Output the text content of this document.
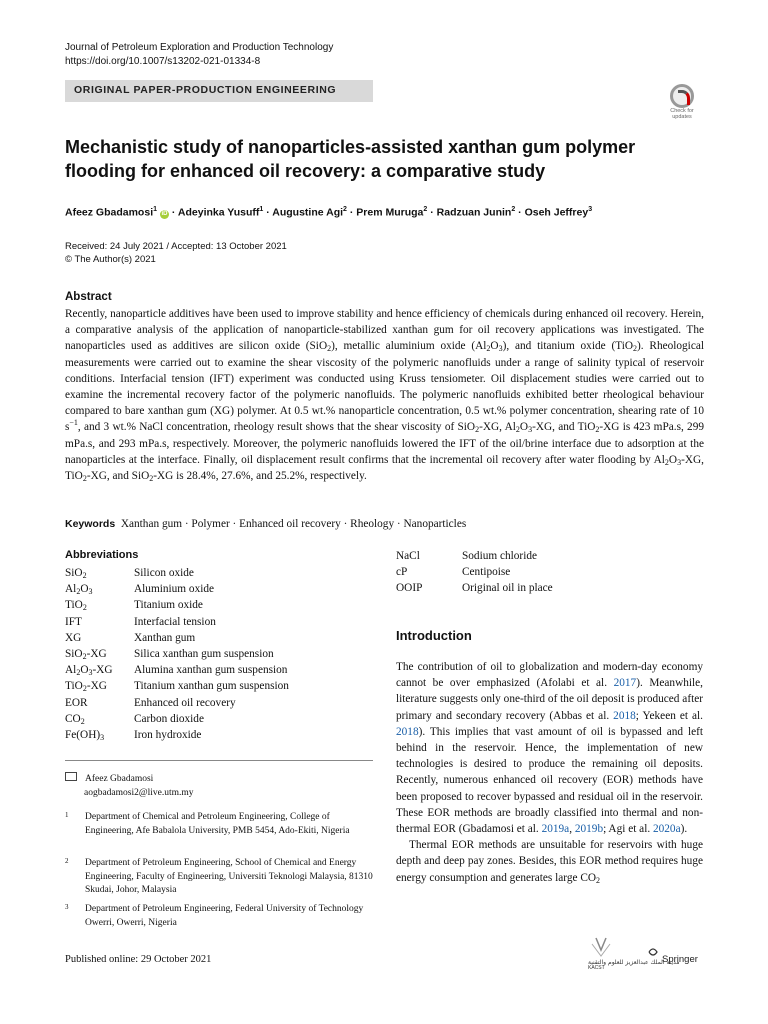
Journal of Petroleum Exploration and Production Technology
https://doi.org/10.1007/s13202-021-01334-8
ORIGINAL PAPER-PRODUCTION ENGINEERING
Check for
updates
Mechanistic study of nanoparticles-assisted xanthan gum polymer flooding for enhanced oil recovery: a comparative study
Afeez Gbadamosi$^1$ iD · Adeyinka Yusuff$^1$ · Augustine Agi$^2$ · Prem Muruga$^2$ · Radzuan Junin$^2$ · Oseh Jeffrey$^3$
Received: 24 July 2021 / Accepted: 13 October 2021
© The Author(s) 2021
Abstract
Recently, nanoparticle additives have been used to improve stability and hence efficiency of chemicals during enhanced oil recovery. Herein, a comparative analysis of the application of nanoparticle-stabilized xanthan gum for oil recovery applications was investigated. The nanoparticles used as additives are silicon oxide (SiO$_2$), metallic aluminium oxide $(Al_2O_3)$, and titanium oxide (TiO$_2$). Rheological measurements were carried out to examine the shear viscosity of the polymeric nanofluids under a range of salinity typical of reservoir conditions. Interfacial tension (IFT) experiment was conducted using Kruss tensiometer. Oil displacement studies were carried out to examine the incremental recovery factor of the polymeric nanofluids. The polymeric nanofluids exhibited better rheological behaviour compared to bare xanthan gum (XG) polymer. At 0.5 wt.% nanoparticle concentration, 0.5 wt.% polymer concentration, shearing rate of 10 $s^{-1}$, and 3 wt.% NaCl concentration, rheology result shows that the shear viscosity of SiO$_2$-XG, $Al_2O_3-XG$, and TiO$_2$-XG is 423 mPa.s, 299 mPa.s, and 293 mPa.s, respectively. Moreover, the polymeric nanofluids lowered the IFT of the oil/brine interface due to adsorption at the nanoparticles at the interface. Finally, oil displacement result confirms that the incremental oil recovery after water flooding by $Al_2O_3-XG$, TiO$_2$-XG, and SiO$_2$-XG is 28.4%, 27.6%, and 25.2%, respectively.
Keywords Xanthan gum · Polymer · Enhanced oil recovery · Rheology · Nanoparticles
Abbreviations
SiO$_2$	Silicon oxide
$Al_2O_3$	Aluminium oxide
TiO$_2$	Titanium oxide
IFT	Interfacial tension
XG	Xanthan gum
SiO$_2$-XG	Silica xanthan gum suspension
$Al_2O_3-XG$	Alumina xanthan gum suspension
TiO$_2$-XG	Titanium xanthan gum suspension
EOR	Enhanced oil recovery
$CO_2$	Carbon dioxide
$Fe(OH)_3$	Iron hydroxide
NaCl	Sodium chloride
cP	Centipoise
OOIP	Original oil in place
Introduction

The contribution of oil to globalization and modern-day economy cannot be over emphasized (Afolabi et al. 2017). Meanwhile, literature suggests only one-third of the oil deposit is produced after primary and secondary recovery (Abbas et al. 2018; Yekeen et al. 2018). This implies that vast amount of oil is bypassed and left behind in the reservoir. Hence, the implementation of new technologies is desired to produce the remaining oil deposits. Recently, numerous enhanced oil recovery (EOR) methods have been proposed to recover bypassed and residual oil in the reservoir. These EOR methods are broadly classified into thermal and non-thermal EOR (Gbadamosi et al. 2019a, 2019b; Agi et al. 2020a).

Thermal EOR methods are unsuitable for reservoirs with huge depth and deep pay zones. Besides, this EOR method requires huge energy consumption and generates large $CO_2$

Afeez Gbadamosi
aogbadamosi2@live.utm.my
1 Department of Chemical and Petroleum Engineering, College of Engineering, Afe Babalola University, PMB 5454, Ado-Ekiti, Nigeria
2 Department of Petroleum Engineering, School of Chemical and Energy Engineering, Faculty of Engineering, Universiti Teknologi Malaysia, 81310 Skudai, Johor, Malaysia
3 Department of Petroleum Engineering, Federal University of Technology Owerri, Owerri, Nigeria
Published online: 29 October 2021	مدينة الملك عبدالعزيز للعلوم والتقنية
KACST
Springer
